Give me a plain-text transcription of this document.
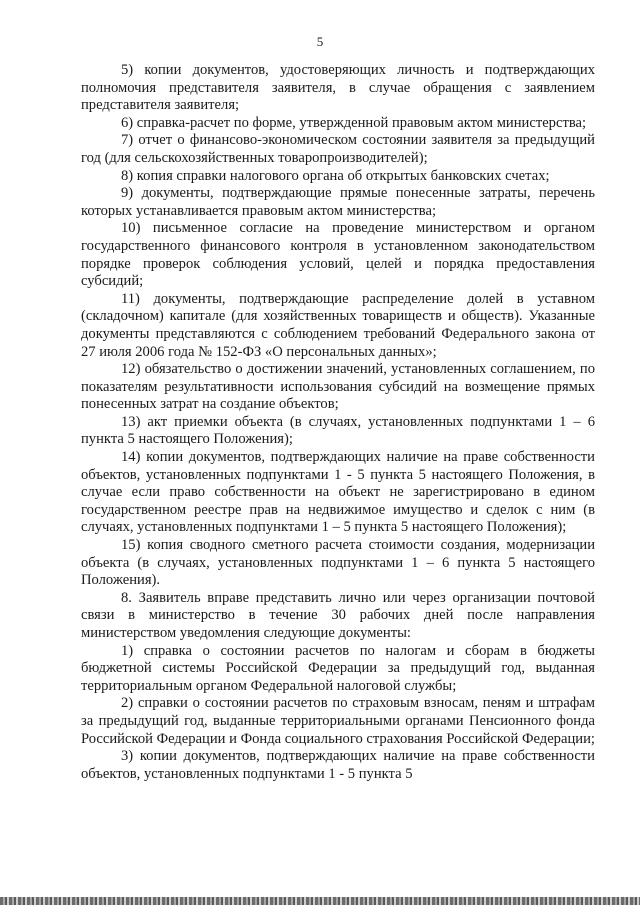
5

5) копии документов, удостоверяющих личность и подтверждающих полномочия представителя заявителя, в случае обращения с заявлением представителя заявителя;

6) справка-расчет по форме, утвержденной правовым актом министерства;

7) отчет о финансово-экономическом состоянии заявителя за предыдущий год (для сельскохозяйственных товаропроизводителей);

8) копия справки налогового органа об открытых банковских счетах;

9) документы, подтверждающие прямые понесенные затраты, перечень которых устанавливается правовым актом министерства;

10) письменное согласие на проведение министерством и органом государственного финансового контроля в установленном законодательством порядке проверок соблюдения условий, целей и порядка предоставления субсидий;

11) документы, подтверждающие распределение долей в уставном (складочном) капитале (для хозяйственных товариществ и обществ). Указанные документы представляются с соблюдением требований Федерального закона от 27 июля 2006 года № 152-ФЗ «О персональных данных»;

12) обязательство о достижении значений, установленных соглашением, по показателям результативности использования субсидий на возмещение прямых понесенных затрат на создание объектов;

13) акт приемки объекта (в случаях, установленных подпунктами 1 – 6 пункта 5 настоящего Положения);

14) копии документов, подтверждающих наличие на праве собственности объектов, установленных подпунктами 1 - 5 пункта 5 настоящего Положения, в случае если право собственности на объект не зарегистрировано в едином государственном реестре прав на недвижимое имущество и сделок с ним (в случаях, установленных подпунктами 1 – 5 пункта 5 настоящего Положения);

15) копия сводного сметного расчета стоимости создания, модернизации объекта (в случаях, установленных подпунктами 1 – 6 пункта 5 настоящего Положения).

8. Заявитель вправе представить лично или через организации почтовой связи в министерство в течение 30 рабочих дней после направления министерством уведомления следующие документы:

1) справка о состоянии расчетов по налогам и сборам в бюджеты бюджетной системы Российской Федерации за предыдущий год, выданная территориальным органом Федеральной налоговой службы;

2) справки о состоянии расчетов по страховым взносам, пеням и штрафам за предыдущий год, выданные территориальными органами Пенсионного фонда Российской Федерации и Фонда социального страхования Российской Федерации;

3) копии документов, подтверждающих наличие на праве собственности объектов, установленных подпунктами 1 - 5 пункта 5
